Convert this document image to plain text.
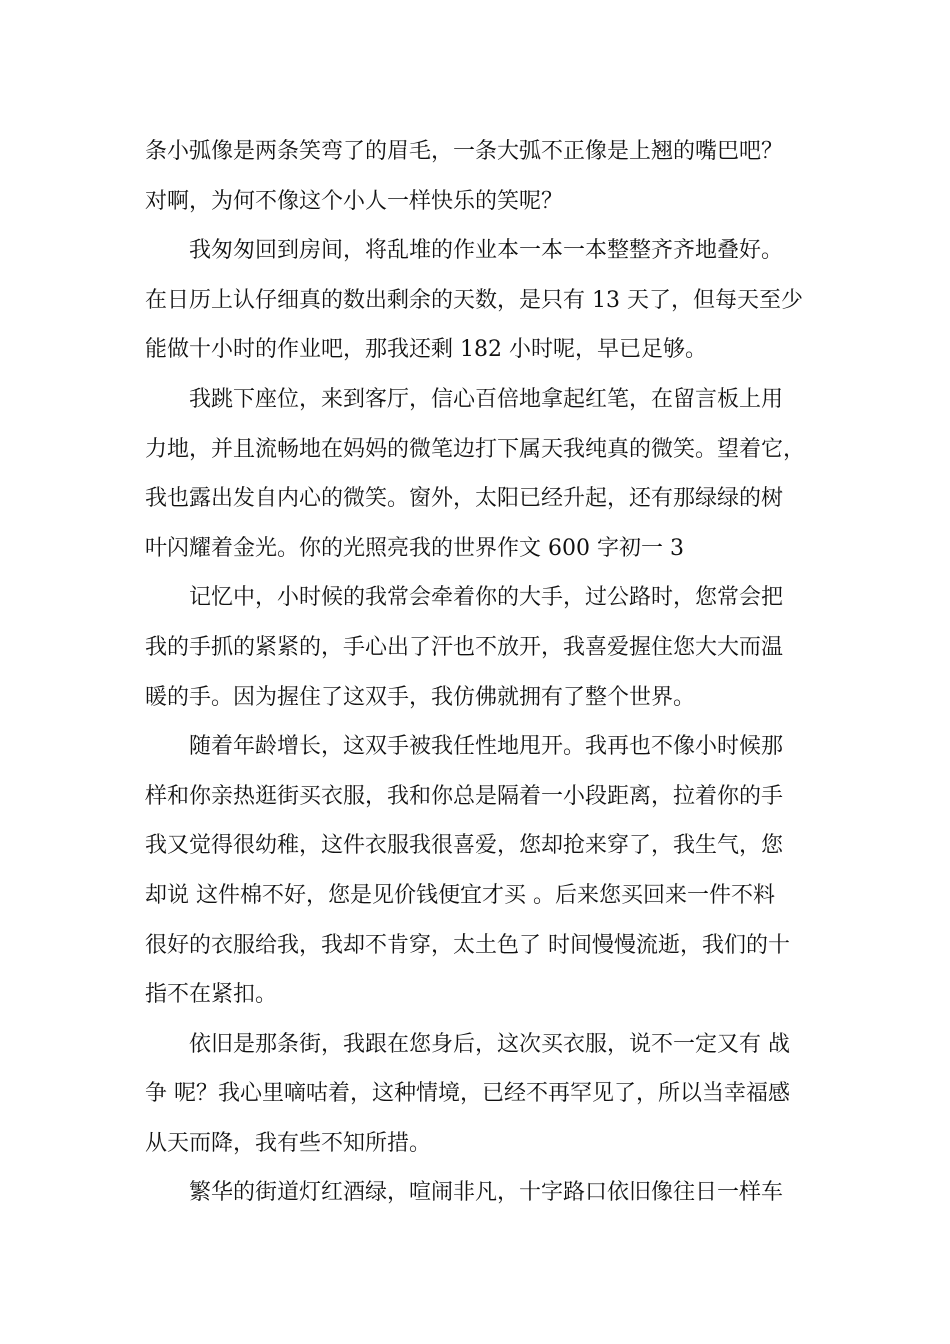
条小弧像是两条笑弯了的眉毛，一条大弧不正像是上翘的嘴巴吧？
对啊，为何不像这个小人一样快乐的笑呢？
我匆匆回到房间，将乱堆的作业本一本一本整整齐齐地叠好。
在日历上认仔细真的数出剩余的天数，是只有 13 天了，但每天至少
能做十小时的作业吧，那我还剩 182 小时呢，早已足够。
我跳下座位，来到客厅，信心百倍地拿起红笔，在留言板上用
力地，并且流畅地在妈妈的微笔边打下属天我纯真的微笑。望着它，
我也露出发自内心的微笑。窗外，太阳已经升起，还有那绿绿的树
叶闪耀着金光。你的光照亮我的世界作文 600 字初一 3
记忆中，小时候的我常会牵着你的大手，过公路时，您常会把
我的手抓的紧紧的，手心出了汗也不放开，我喜爱握住您大大而温
暖的手。因为握住了这双手，我仿佛就拥有了整个世界。
随着年龄增长，这双手被我任性地甩开。我再也不像小时候那
样和你亲热逛街买衣服，我和你总是隔着一小段距离，拉着你的手
我又觉得很幼稚，这件衣服我很喜爱，您却抢来穿了，我生气，您
却说 这件棉不好，您是见价钱便宜才买 。后来您买回来一件不料
很好的衣服给我，我却不肯穿，太土色了 时间慢慢流逝，我们的十
指不在紧扣。
依旧是那条街，我跟在您身后，这次买衣服，说不一定又有 战
争 呢？我心里嘀咕着，这种情境，已经不再罕见了，所以当幸福感
从天而降，我有些不知所措。
繁华的街道灯红酒绿，喧闹非凡，十字路口依旧像往日一样车
